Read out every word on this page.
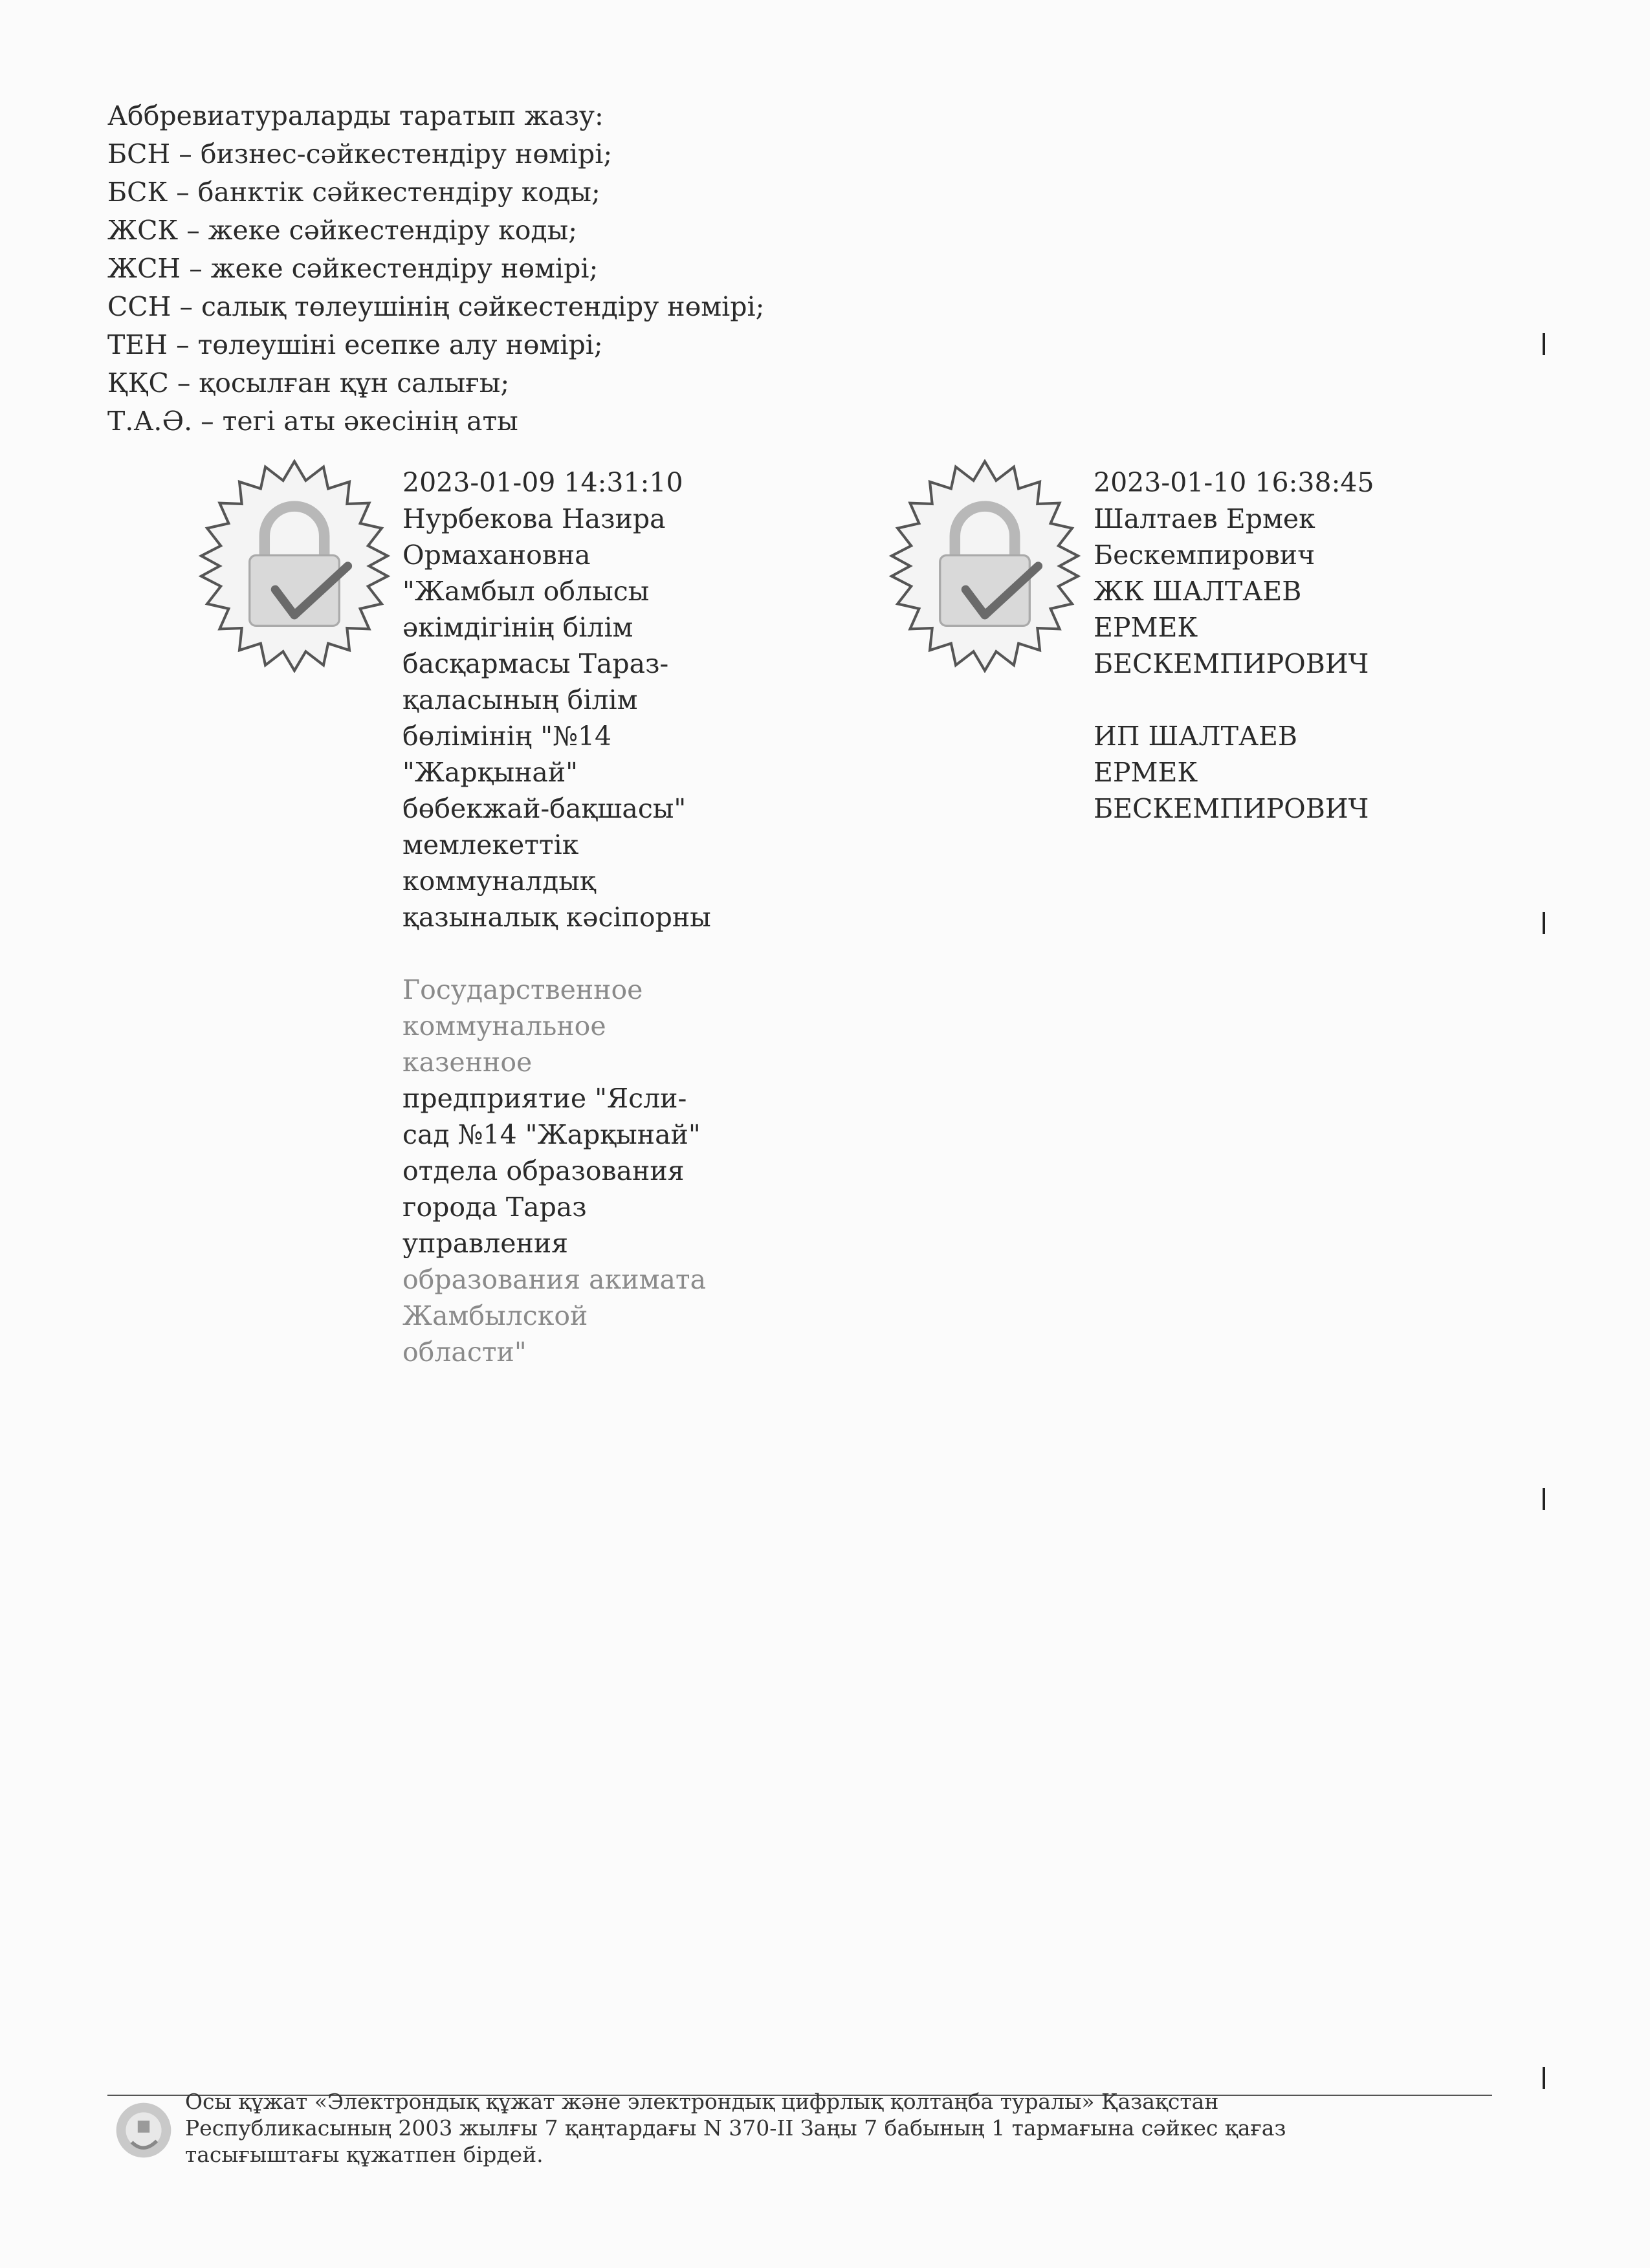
Аббревиатураларды таратып жазу:
БСН – бизнес-сәйкестендіру нөмірі;
БСК – банктік сәйкестендіру коды;
ЖСК – жеке сәйкестендіру коды;
ЖСН – жеке сәйкестендіру нөмірі;
ССН – салық төлеушінің сәйкестендіру нөмірі;
ТЕН – төлеушіні есепке алу нөмірі;
ҚҚС – қосылған құн салығы;
Т.А.Ә. – тегі аты әкесінің аты
2023-01-09 14:31:10
Нурбекова Назира
Ормахановна
"Жамбыл облысы
әкімдігінің білім
басқармасы Тараз-
қаласының білім
бөлімінің "№14
"Жарқынай"
бөбекжай-бақшасы"
мемлекеттік
коммуналдық
қазыналық кәсіпорны
Государственное
коммунальное
казенное
предприятие "Ясли-
сад №14 "Жарқынай"
отдела образования
города Тараз
управления
образования акимата
Жамбылской
области"
2023-01-10 16:38:45
Шалтаев Ермек
Бескемпирович
ЖК ШАЛТАЕВ
ЕРМЕК
БЕСКЕМПИРОВИЧ
ИП ШАЛТАЕВ
ЕРМЕК
БЕСКЕМПИРОВИЧ
Осы құжат «Электрондық құжат және электрондық цифрлық қолтаңба туралы» Қазақстан
Республикасының 2003 жылғы 7 қаңтардағы N 370-II Заңы 7 бабының 1 тармағына сәйкес қағаз
тасығыштағы құжатпен бірдей.
